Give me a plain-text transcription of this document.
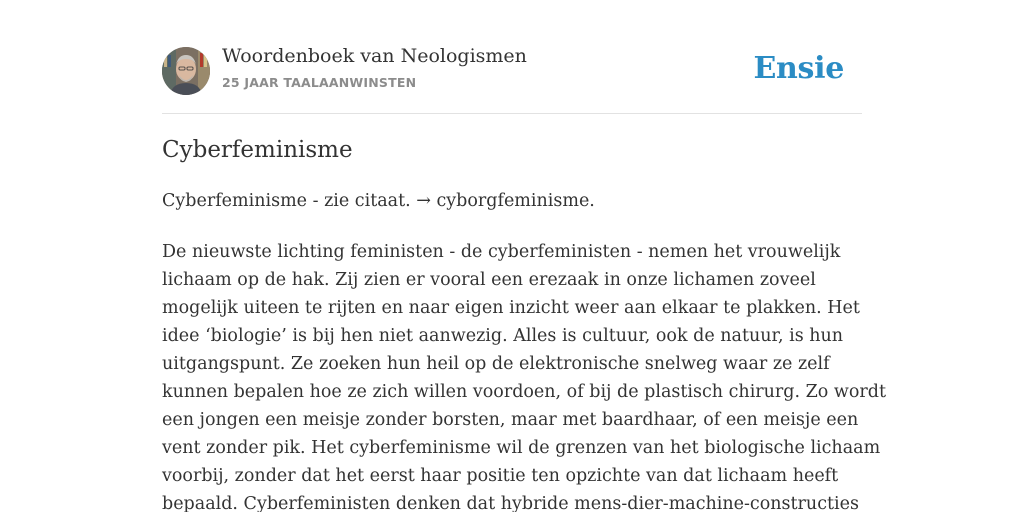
Woordenboek van Neologismen
25 JAAR TAALAANWINSTEN	Ensie
Cyberfeminisme

Cyberfeminisme - zie citaat. → cyborgfeminisme.

De nieuwste lichting feministen - de cyberfeministen - nemen het vrouwelijk
lichaam op de hak. Zij zien er vooral een erezaak in onze lichamen zoveel
mogelijk uiteen te rijten en naar eigen inzicht weer aan elkaar te plakken. Het
idee ‘biologie’ is bij hen niet aanwezig. Alles is cultuur, ook de natuur, is hun
uitgangspunt. Ze zoeken hun heil op de elektronische snelweg waar ze zelf
kunnen bepalen hoe ze zich willen voordoen, of bij de plastisch chirurg. Zo wordt
een jongen een meisje zonder borsten, maar met baardhaar, of een meisje een
vent zonder pik. Het cyberfeminisme wil de grenzen van het biologische lichaam
voorbij, zonder dat het eerst haar positie ten opzichte van dat lichaam heeft
bepaald. Cyberfeministen denken dat hybride mens-dier-machine-constructies
